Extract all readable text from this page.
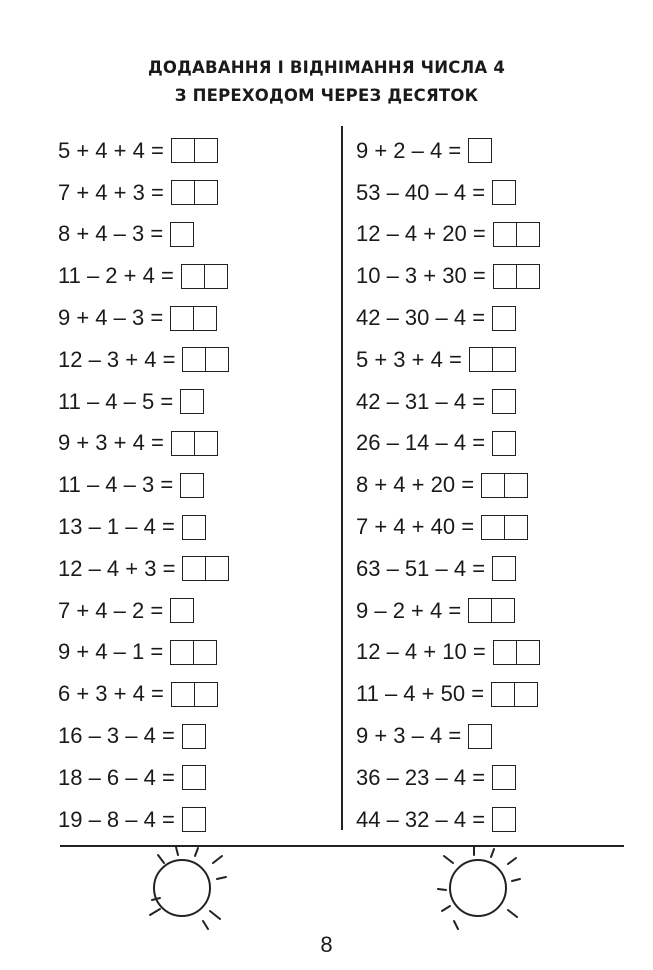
ДОДАВАННЯ І ВІДНІМАННЯ ЧИСЛА 4
З ПЕРЕХОДОМ ЧЕРЕЗ ДЕСЯТОК
5 + 4 + 4 =
7 + 4 + 3 =
8 + 4 – 3 =
11 – 2 + 4 =
9 + 4 – 3 =
12 – 3 + 4 =
11 – 4 – 5 =
9 + 3 + 4 =
11 – 4 – 3 =
13 – 1 – 4 =
12 – 4 + 3 =
7 + 4 – 2 =
9 + 4 – 1 =
6 + 3 + 4 =
16 – 3 – 4 =
18 – 6 – 4 =
19 – 8 – 4 =
9 + 2 – 4 =
53 – 40 – 4 =
12 – 4 + 20 =
10 – 3 + 30 =
42 – 30 – 4 =
5 + 3 + 4 =
42 – 31 – 4 =
26 – 14 – 4 =
8 + 4 + 20 =
7 + 4 + 40 =
63 – 51 – 4 =
9 – 2 + 4 =
12 – 4 + 10 =
11 – 4 + 50 =
9 + 3 – 4 =
36 – 23 – 4 =
44 – 32 – 4 =
8
